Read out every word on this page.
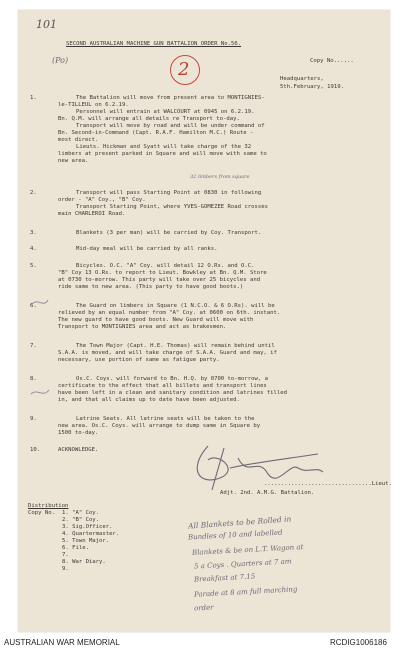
101
(Po)	2
SECOND AUSTRALIAN MACHINE GUN BATTALION ORDER No.56.
Copy No......
Headquarters,
5th.February, 1919.
32 limbers from square
1.	The Battalion will move from present area to MONTIGNIES-
le-TILLEUL on 6.2.19.
Personnel will entrain at WALCOURT at 0945 on 6.2.19.
Bn. Q.M. will arrange all details re Transport to-day.
Transport will move by road and will be under command of
Bn. Second-in-Command (Capt. R.A.F. Hamilton M.C.) Route -
most direct.
Lieuts. Hickman and Syatt will take charge of the 32
limbers at present parked in Square and will move with same to
new area.
2.	Transport will pass Starting Point at 0830 in following
order - "A" Coy., "B" Coy.
Transport Starting Point, where YVES-GOMEZEE Road crosses
main CHARLEROI Road.
3.	Blankets (3 per man) will be carried by Coy. Transport.
4.	Mid-day meal will be carried by all ranks.
5.	Bicycles. O.C. "A" Coy. will detail 12 O.Rs. and O.C.
"B" Coy 13 O.Rs. to report to Lieut. Bowkley at Bn. Q.M. Store
at 0730 to-morrow. This party will take over 25 bicycles and
ride same to new area. (This party to have good boots.)
6.	The Guard on limbers in Square (1 N.C.O. & 6 O.Rs). will be
relieved by an equal number from "A" Coy. at 0600 on 6th. instant.
The new guard to have good boots. New Guard will move with
Transport to MONTIGNIES area and act as brakesmen.
7.	The Town Major (Capt. H.E. Thomas) will remain behind until
S.A.A. is moved, and will take charge of S.A.A. Guard and may, if
necessary, use portion of same as fatigue party.
8.	Os.C. Coys. will forward to Bn. H.Q. by 0700 to-morrow, a
certificate to the effect that all billets and transport lines
have been left in a clean and sanitary condition and latrines filled
in, and that all claims up to date have been adjusted.
9.	Latrine Seats. All latrine seats will be taken to the
new area. Os.C. Coys. will arrange to dump same in Square by
1500 to-day.
10.	ACKNOWLEDGE.
................................Lieut.
Adjt. 2nd. A.M.G. Battalion.
Distribution
Copy No. 1. "A" Coy.
2. "B" Coy.
3. Sig.Officer.
4. Quartermaster.
5. Town Major.
6. File.
7.
8. War Diary.
9.
All Blankets to be Rolled in
Bundles of 10 and labelled
Blankets & be on L.T. Wagon at
5 a Coys . Quarters at 7 am
Breakfast at 7.15
Parade at 8 am full marching
order
AUSTRALIAN WAR MEMORIAL	RCDIG1006186
